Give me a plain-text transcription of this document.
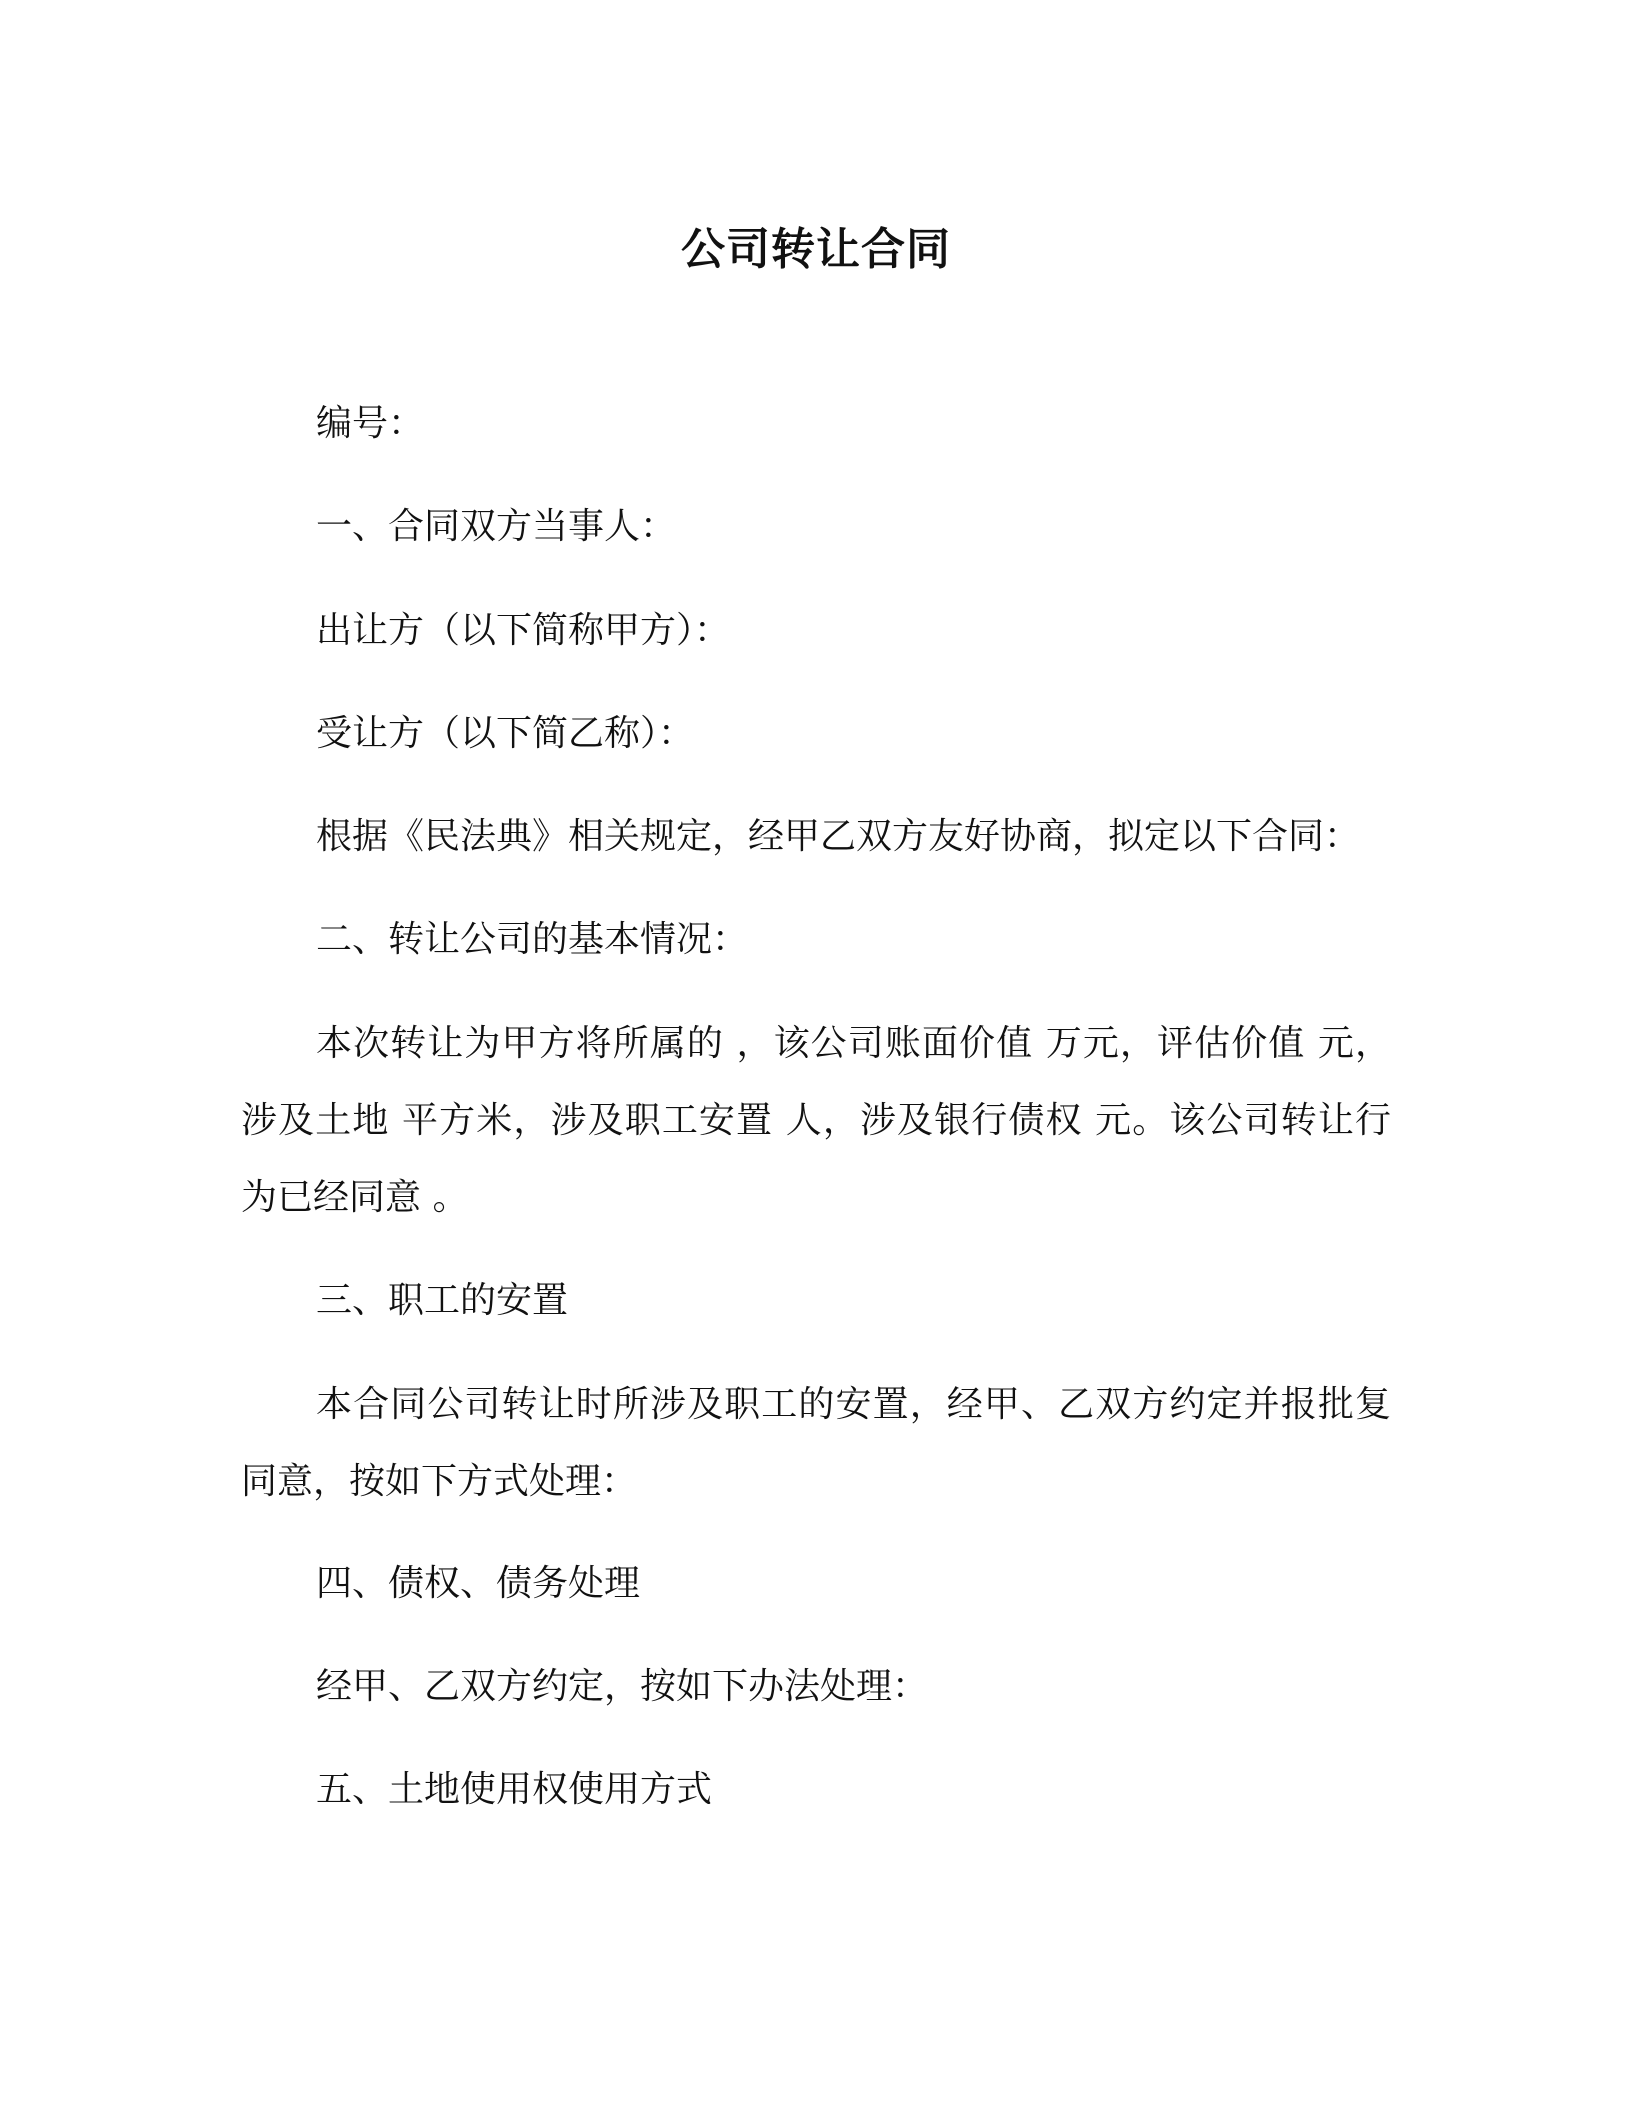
公司转让合同
编号：
一、合同双方当事人：
出让方（以下简称甲方）：
受让方（以下简乙称）：
根据《民法典》相关规定，经甲乙双方友好协商，拟定以下合同：
二、转让公司的基本情况：
本次转让为甲方将所属的 ，该公司账面价值 万元，评估价值 元，涉及土地 平方米，涉及职工安置 人，涉及银行债权 元。该公司转让行为已经同意 。
三、职工的安置
本合同公司转让时所涉及职工的安置，经甲、乙双方约定并报批复同意，按如下方式处理：
四、债权、债务处理
经甲、乙双方约定，按如下办法处理：
五、土地使用权使用方式
